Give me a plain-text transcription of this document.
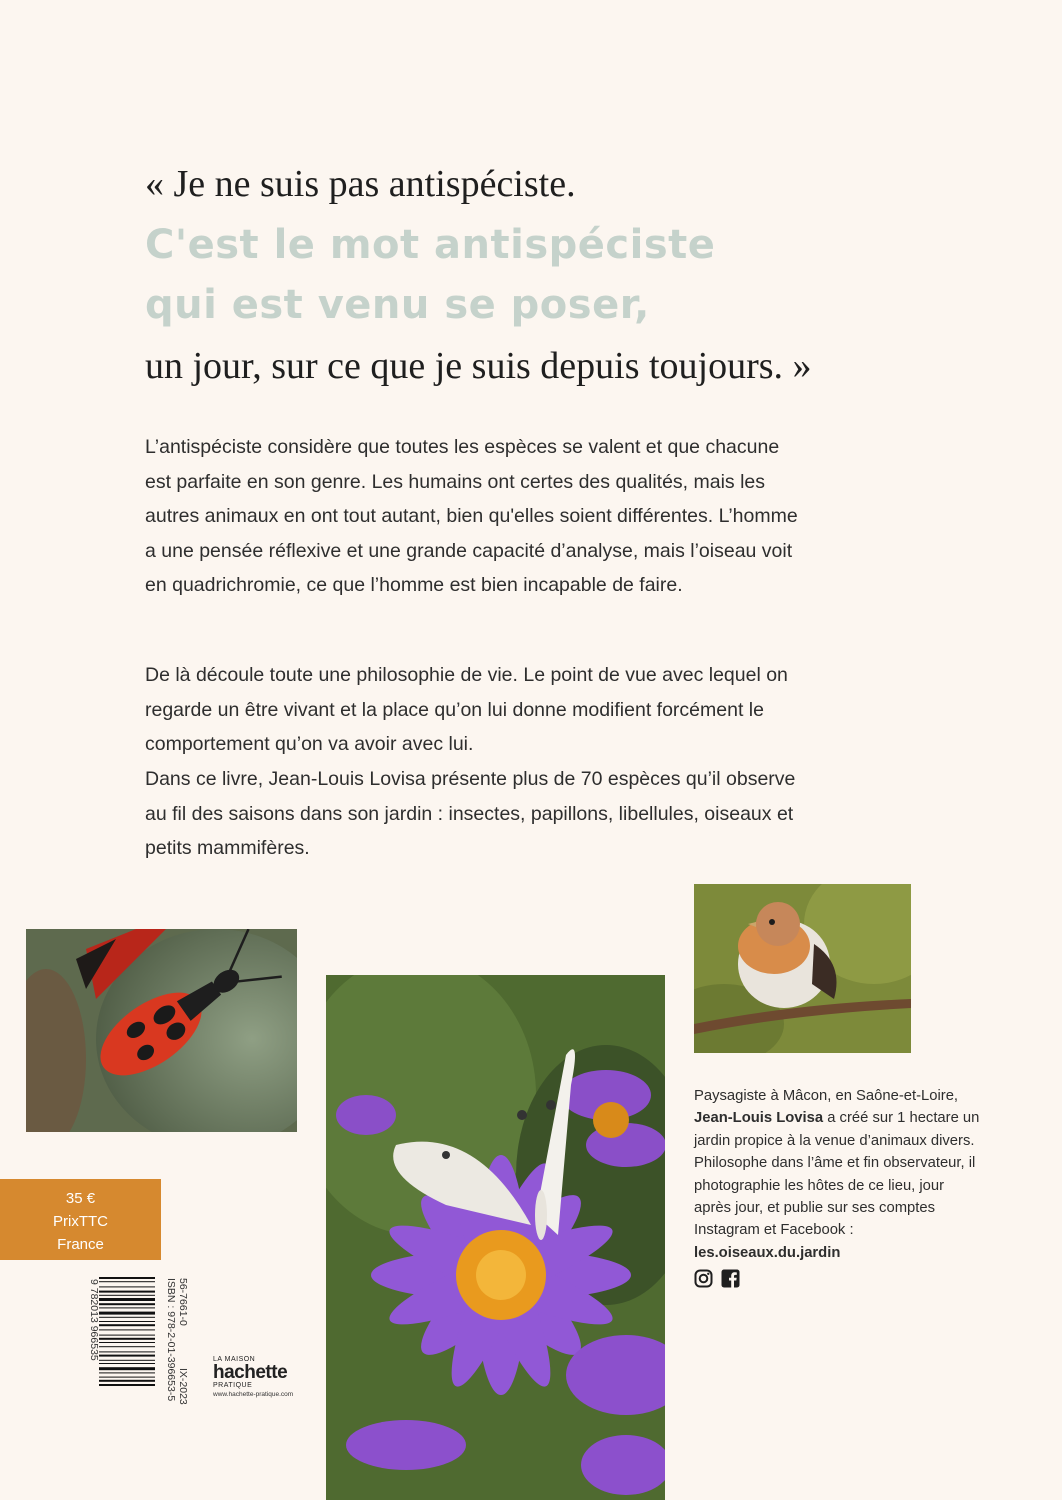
« Je ne suis pas antispéciste.
C'est le mot antispéciste
qui est venu se poser,
un jour, sur ce que je suis depuis toujours. »

L’antispéciste considère que toutes les espèces se valent et que chacune est parfaite en son genre. Les humains ont certes des qualités, mais les autres animaux en ont tout autant, bien qu'elles soient différentes. L’homme a une pensée réflexive et une grande capacité d’analyse, mais l’oiseau voit en quadrichromie, ce que l’homme est bien incapable de faire.

De là découle toute une philosophie de vie. Le point de vue avec lequel on regarde un être vivant et la place qu’on lui donne modifient forcément le comportement qu’on va avoir avec lui.

Dans ce livre, Jean-Louis Lovisa présente plus de 70 espèces qu’il observe au fil des saisons dans son jardin : insectes, papillons, libellules, oiseaux et petits mammifères.

35 €
PrixTTC
France
9 782013 966535	56-7661-0
ISBN : 978-2-01-396653-5 IX-2023
LA MAISON
hachette
PRATIQUE
www.hachette-pratique.com

Paysagiste à Mâcon, en Saône-et-Loire,
Jean-Louis Lovisa a créé sur 1 hectare un jardin propice à la venue d’animaux divers. Philosophe dans l’âme et fin observateur, il photographie les hôtes de ce lieu, jour après jour, et publie sur ses comptes Instagram et Facebook :
les.oiseaux.du.jardin
